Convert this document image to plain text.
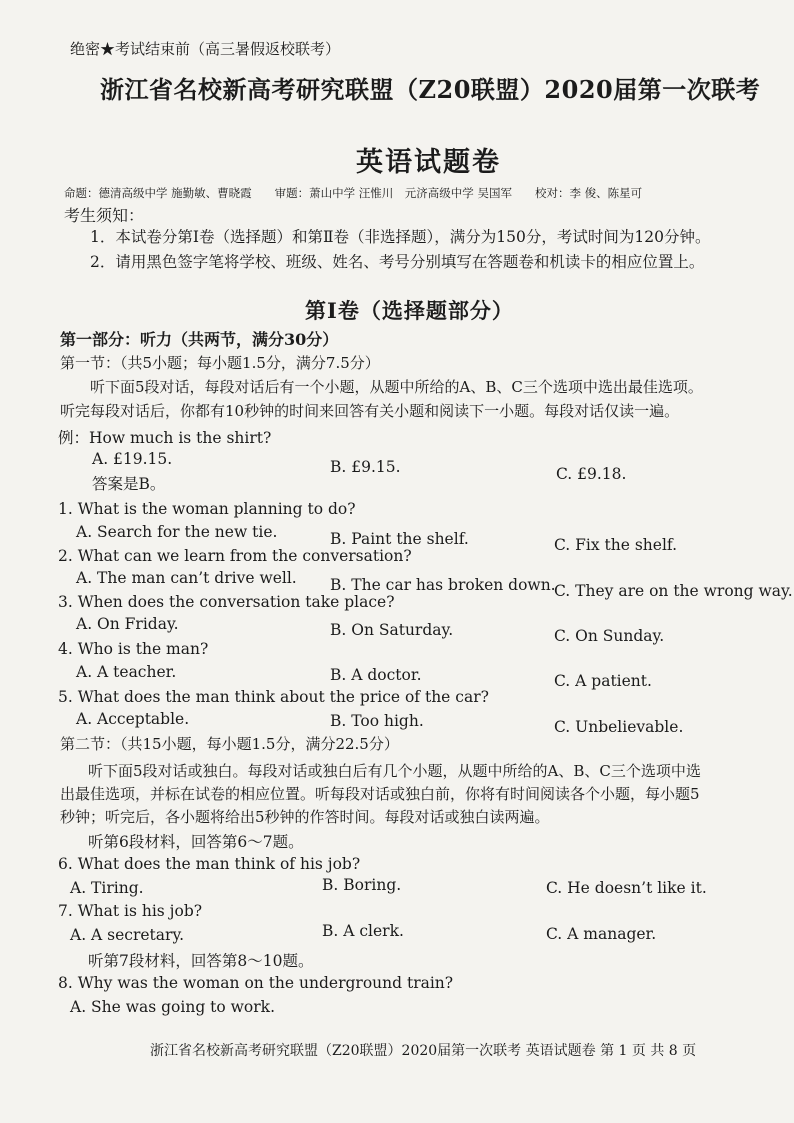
绝密★考试结束前（高三暑假返校联考）
浙江省名校新高考研究联盟（Z20联盟）2020届第一次联考
英语试题卷
命题：德清高级中学 施勤敏、曹晓霞　　审题：萧山中学 汪惟川　元济高级中学 吴国军　　校对：李 俊、陈星可
考生须知：
1．本试卷分第Ⅰ卷（选择题）和第Ⅱ卷（非选择题），满分为150分，考试时间为120分钟。
2．请用黑色签字笔将学校、班级、姓名、考号分别填写在答题卷和机读卡的相应位置上。
第Ⅰ卷（选择题部分）
第一部分：听力（共两节，满分30分）
第一节：（共5小题；每小题1.5分，满分7.5分）
听下面5段对话，每段对话后有一个小题，从题中所给的A、B、C三个选项中选出最佳选项。
听完每段对话后，你都有10秒钟的时间来回答有关小题和阅读下一小题。每段对话仅读一遍。
例：How much is the shirt?
A. £19.15.	B. £9.15.	C. £9.18.
答案是B。
1. What is the woman planning to do?
A. Search for the new tie.	B. Paint the shelf.	C. Fix the shelf.
2. What can we learn from the conversation?
A. The man can’t drive well. B. The car has broken down.
C. They are on the wrong way.
3. When does the conversation take place?
A. On Friday.	B. On Saturday.	C. On Sunday.
4. Who is the man?
A. A teacher.	B. A doctor.	C. A patient.
5. What does the man think about the price of the car?
A. Acceptable.	B. Too high.	C. Unbelievable.
第二节：（共15小题，每小题1.5分，满分22.5分）
听下面5段对话或独白。每段对话或独白后有几个小题，从题中所给的A、B、C三个选项中选
出最佳选项，并标在试卷的相应位置。听每段对话或独白前，你将有时间阅读各个小题，每小题5
秒钟；听完后，各小题将给出5秒钟的作答时间。每段对话或独白读两遍。
听第6段材料，回答第6～7题。
6. What does the man think of his job?
A. Tiring.	B. Boring.	C. He doesn’t like it.
7. What is his job?
A. A secretary.	B. A clerk.	C. A manager.
听第7段材料，回答第8～10题。
8. Why was the woman on the underground train?
A. She was going to work.
浙江省名校新高考研究联盟（Z20联盟）2020届第一次联考 英语试题卷 第 1 页 共 8 页
